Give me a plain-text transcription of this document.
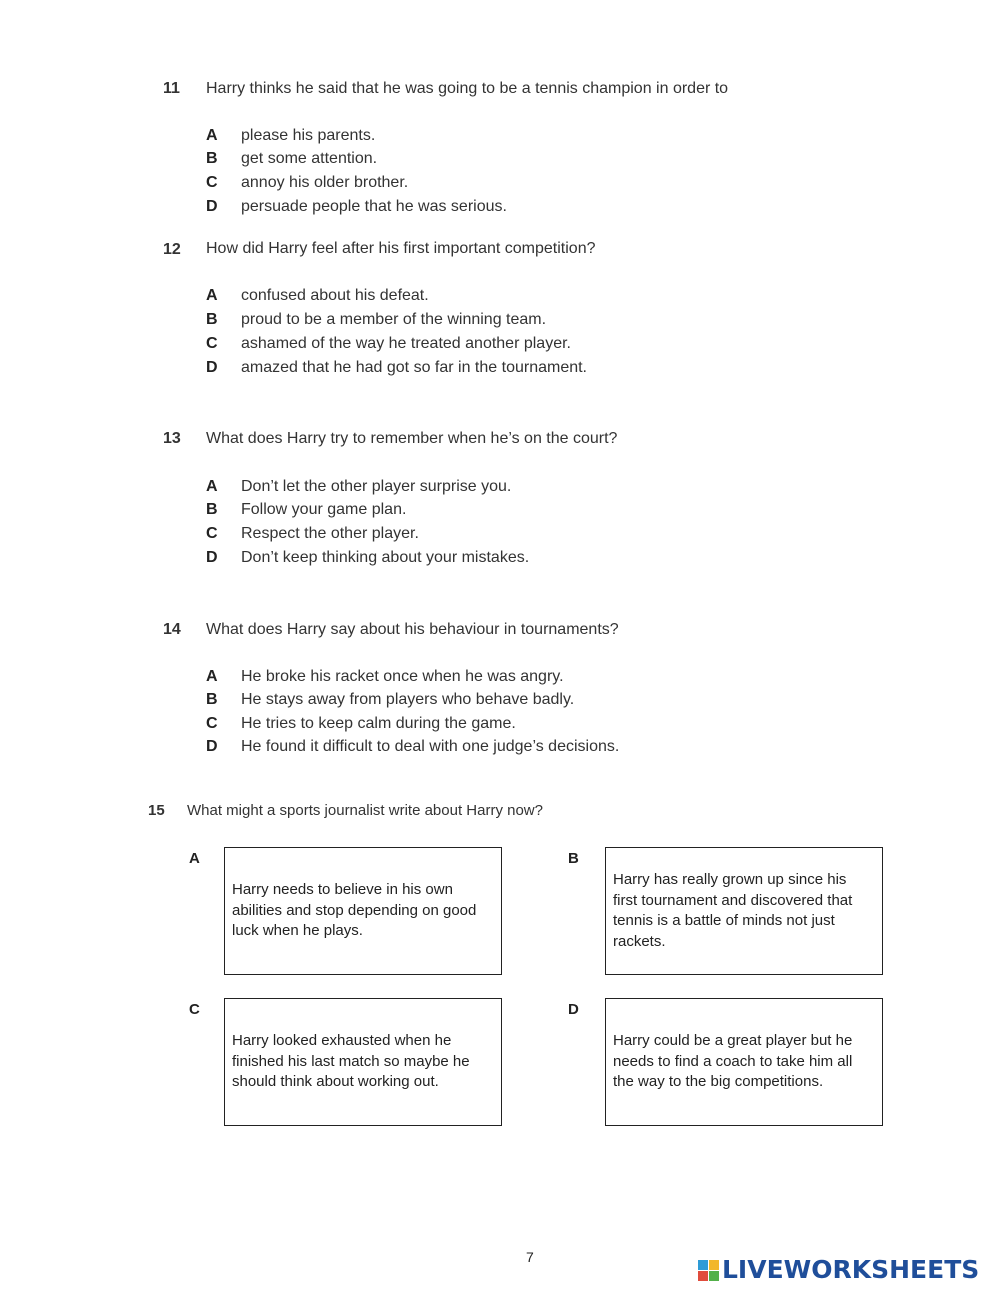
11 Harry thinks he said that he was going to be a tennis champion in order to
A please his parents.
B get some attention.
C annoy his older brother.
D persuade people that he was serious.
12 How did Harry feel after his first important competition?
A confused about his defeat.
B proud to be a member of the winning team.
C ashamed of the way he treated another player.
D amazed that he had got so far in the tournament.
13 What does Harry try to remember when he’s on the court?
A Don’t let the other player surprise you.
B Follow your game plan.
C Respect the other player.
D Don’t keep thinking about your mistakes.
14 What does Harry say about his behaviour in tournaments?
A He broke his racket once when he was angry.
B He stays away from players who behave badly.
C He tries to keep calm during the game.
D He found it difficult to deal with one judge’s decisions.
15 What might a sports journalist write about Harry now?
A
Harry needs to believe in his own abilities and stop depending on good luck when he plays.
B
Harry has really grown up since his first tournament and discovered that tennis is a battle of minds not just rackets.
C
Harry looked exhausted when he finished his last match so maybe he should think about working out.
D
Harry could be a great player but he needs to find a coach to take him all the way to the big competitions.
7	LIVEWORKSHEETS
